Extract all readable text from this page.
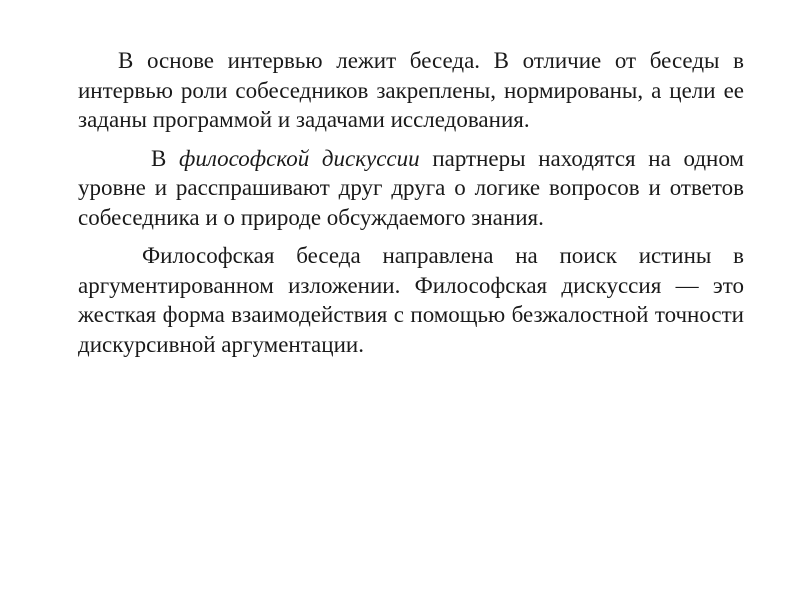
В основе интервью лежит беседа. В отличие от беседы в интервью роли собеседников закреплены, нормированы, а цели ее заданы программой и задачами исследования.

В философской дискуссии партнеры находятся на одном уровне и расспрашивают друг друга о логике вопросов и ответов собеседника и о природе обсуждаемого знания.

Философская беседа направлена на поиск истины в аргументированном изложении. Философская дискуссия — это жесткая форма взаимодействия с помощью безжалостной точности дискурсивной аргументации.
